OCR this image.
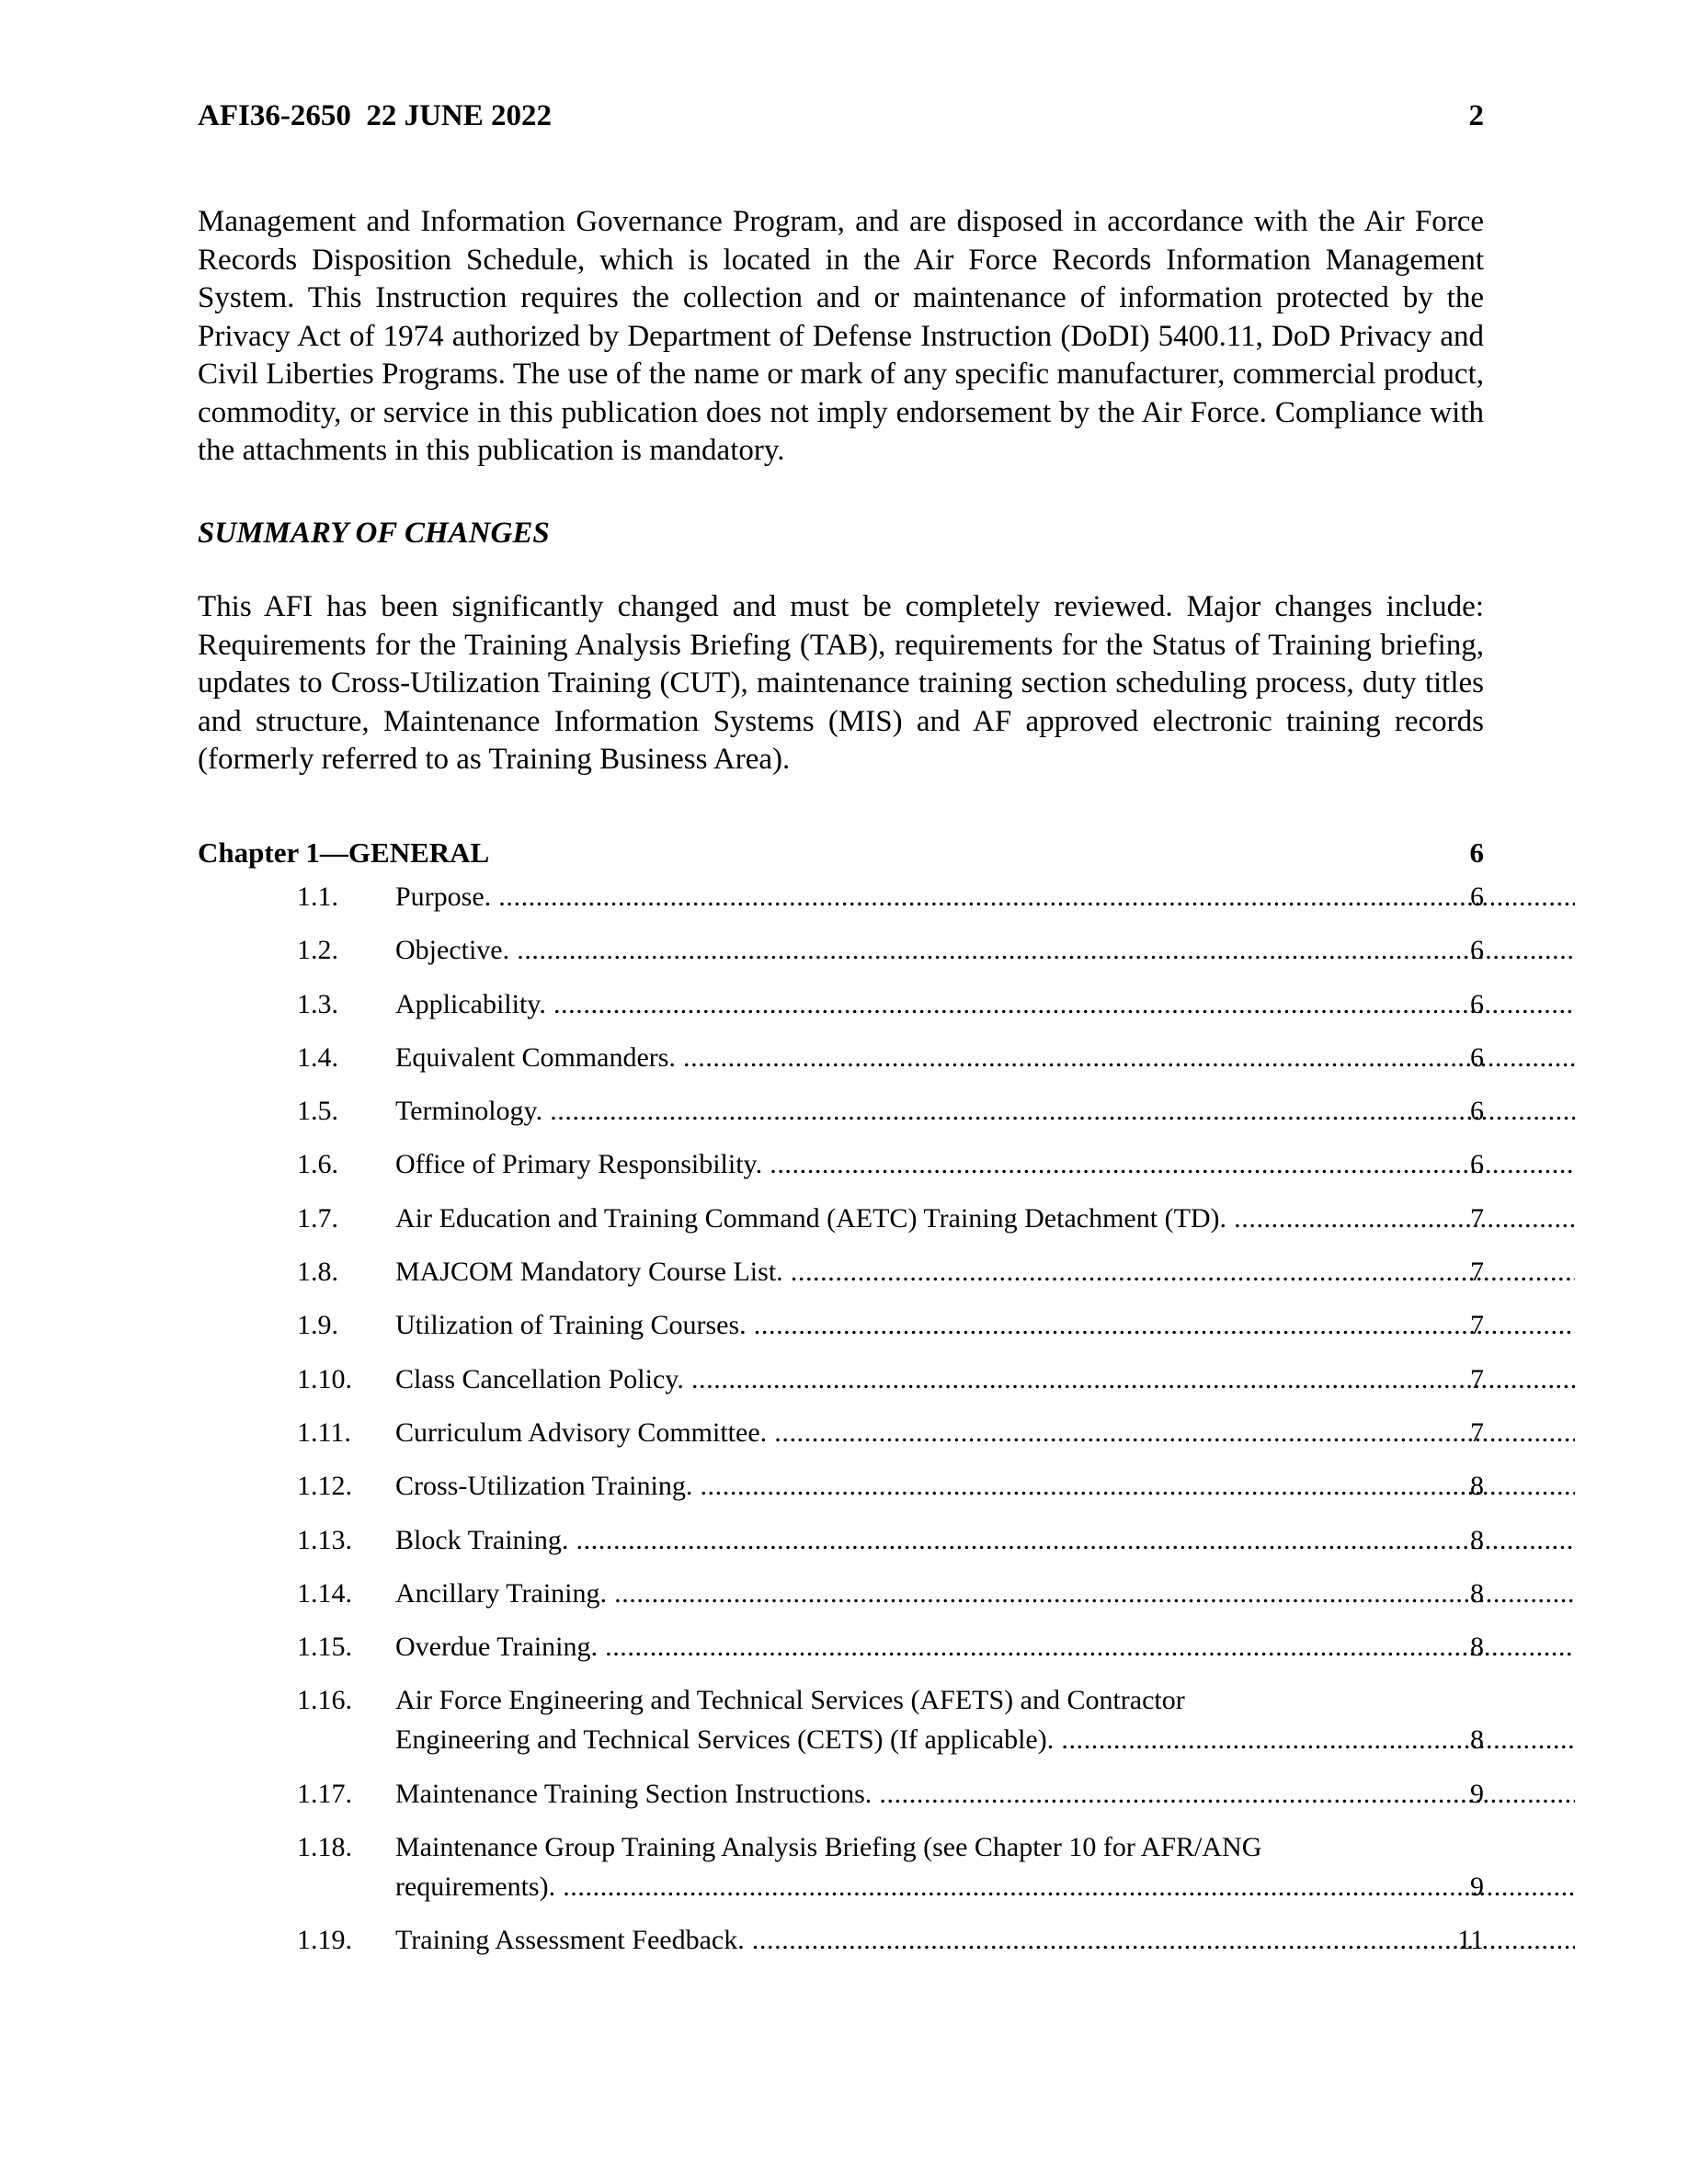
AFI36-2650  22 JUNE 2022	2

Management and Information Governance Program, and are disposed in accordance with the Air Force Records Disposition Schedule, which is located in the Air Force Records Information Management System. This Instruction requires the collection and or maintenance of information protected by the Privacy Act of 1974 authorized by Department of Defense Instruction (DoDI) 5400.11, DoD Privacy and Civil Liberties Programs. The use of the name or mark of any specific manufacturer, commercial product, commodity, or service in this publication does not imply endorsement by the Air Force. Compliance with the attachments in this publication is mandatory.

SUMMARY OF CHANGES

This AFI has been significantly changed and must be completely reviewed. Major changes include: Requirements for the Training Analysis Briefing (TAB), requirements for the Status of Training briefing, updates to Cross-Utilization Training (CUT), maintenance training section scheduling process, duty titles and structure, Maintenance Information Systems (MIS) and AF approved electronic training records (formerly referred to as Training Business Area).

Chapter 1—GENERAL	6
1.1. Purpose. .....	6
1.2. Objective. .....	6
1.3. Applicability. .....	6
1.4. Equivalent Commanders. .....	6
1.5. Terminology. .....	6
1.6. Office of Primary Responsibility. .....	6
1.7. Air Education and Training Command (AETC) Training Detachment (TD). .....	7
1.8. MAJCOM Mandatory Course List. .....	7
1.9. Utilization of Training Courses. .....	7
1.10. Class Cancellation Policy. .....	7
1.11. Curriculum Advisory Committee. .....	7
1.12. Cross-Utilization Training. .....	8
1.13. Block Training. .....	8
1.14. Ancillary Training. .....	8
1.15. Overdue Training. .....	8
1.16. Air Force Engineering and Technical Services (AFETS) and Contractor
Engineering and Technical Services (CETS) (If applicable). .....	8
1.17. Maintenance Training Section Instructions. .....	9
1.18. Maintenance Group Training Analysis Briefing (see Chapter 10 for AFR/ANG
requirements). .....	9
1.19. Training Assessment Feedback. .....	11
